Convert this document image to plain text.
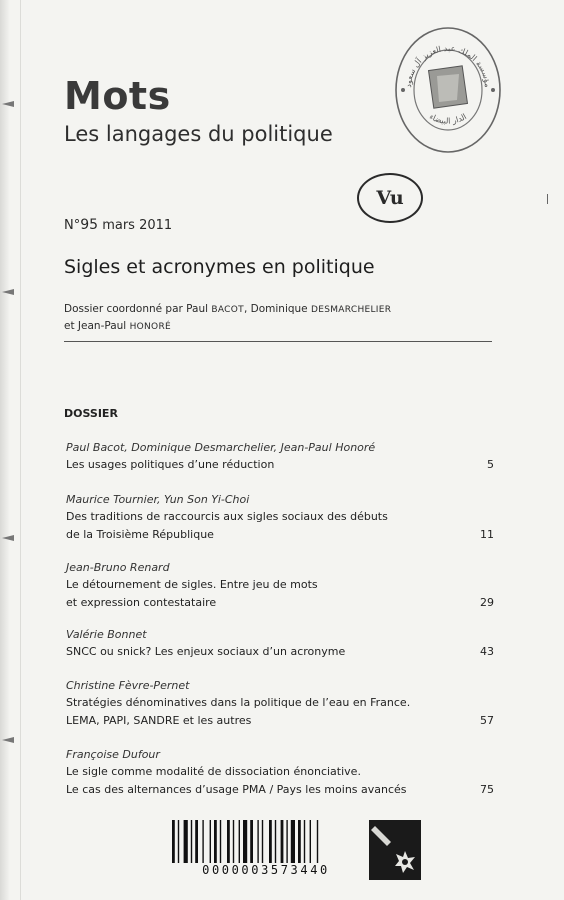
Mots
Les langages du politique
مؤسسة الملك عبد العزيز آل سعود
الدار البيضاء
Vu
N°95 mars 2011
Sigles et acronymes en politique
Dossier coordonné par Paul BACOT, Dominique DESMARCHELIER
et Jean-Paul HONORÉ
DOSSIER
Paul Bacot, Dominique Desmarchelier, Jean-Paul Honoré
Les usages politiques d’une réduction	5
Maurice Tournier, Yun Son Yi-Choi
Des traditions de raccourcis aux sigles sociaux des débuts
de la Troisième République	11
Jean-Bruno Renard
Le détournement de sigles. Entre jeu de mots
et expression contestataire	29
Valérie Bonnet
SNCC ou snick? Les enjeux sociaux d’un acronyme	43
Christine Fèvre-Pernet
Stratégies dénominatives dans la politique de l’eau en France.
LEMA, PAPI, SANDRE et les autres	57
Françoise Dufour
Le sigle comme modalité de dissociation énonciative.
Le cas des alternances d’usage PMA / Pays les moins avancés	75
0000003573440
